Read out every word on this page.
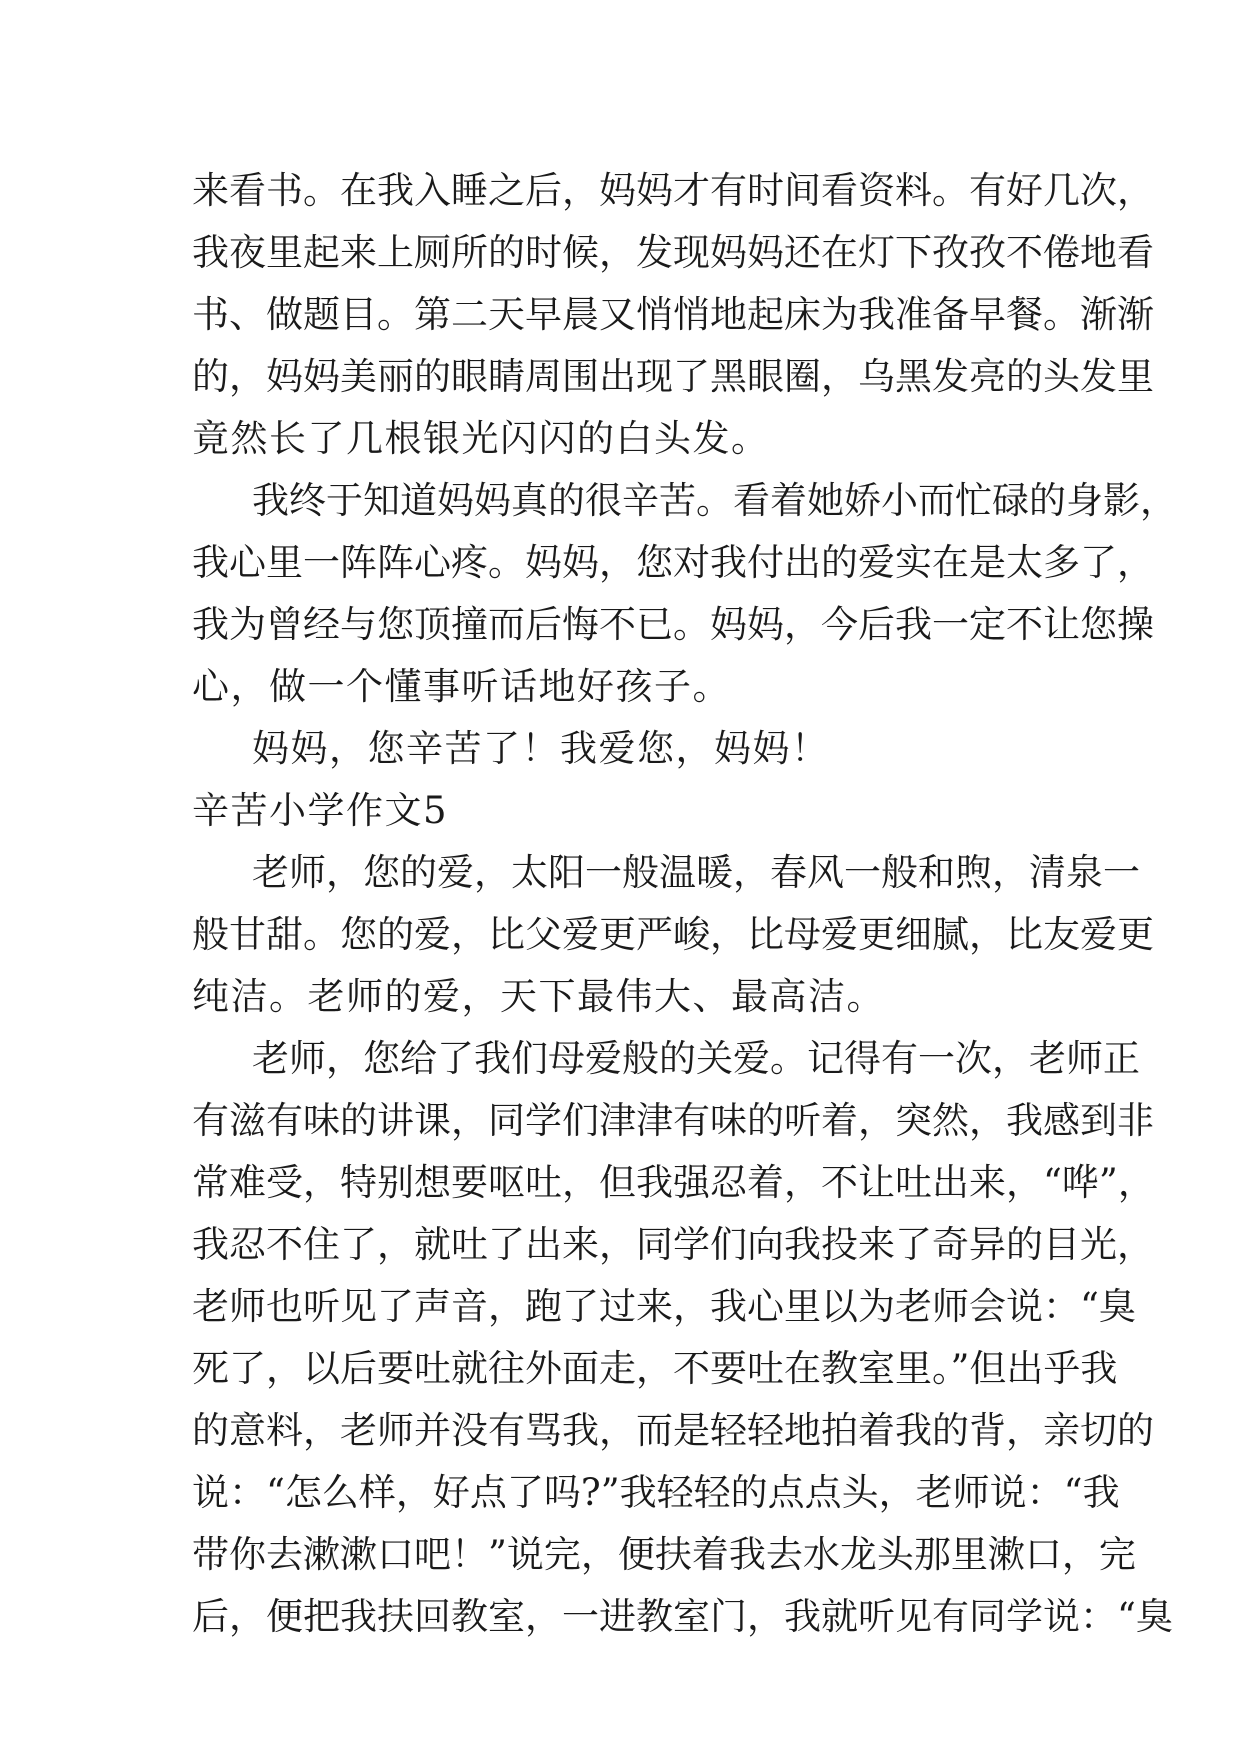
来看书。在我入睡之后，妈妈才有时间看资料。有好几次，
我夜里起来上厕所的时候，发现妈妈还在灯下孜孜不倦地看
书、做题目。第二天早晨又悄悄地起床为我准备早餐。渐渐
的，妈妈美丽的眼睛周围出现了黑眼圈，乌黑发亮的头发里
竟然长了几根银光闪闪的白头发。
我终于知道妈妈真的很辛苦。看着她娇小而忙碌的身影，
我心里一阵阵心疼。妈妈，您对我付出的爱实在是太多了，
我为曾经与您顶撞而后悔不已。妈妈，今后我一定不让您操
心，做一个懂事听话地好孩子。
妈妈，您辛苦了！我爱您，妈妈！
辛苦小学作文5
老师，您的爱，太阳一般温暖，春风一般和煦，清泉一
般甘甜。您的爱，比父爱更严峻，比母爱更细腻，比友爱更
纯洁。老师的爱，天下最伟大、最高洁。
老师，您给了我们母爱般的关爱。记得有一次，老师正
有滋有味的讲课，同学们津津有味的听着，突然，我感到非
常难受，特别想要呕吐，但我强忍着，不让吐出来，“哗”，
我忍不住了，就吐了出来，同学们向我投来了奇异的目光，
老师也听见了声音，跑了过来，我心里以为老师会说：“臭
死了，以后要吐就往外面走，不要吐在教室里。”但出乎我
的意料，老师并没有骂我，而是轻轻地拍着我的背，亲切的
说：“怎么样，好点了吗?”我轻轻的点点头，老师说：“我
带你去漱漱口吧！”说完，便扶着我去水龙头那里漱口，完
后，便把我扶回教室，一进教室门，我就听见有同学说：“臭
